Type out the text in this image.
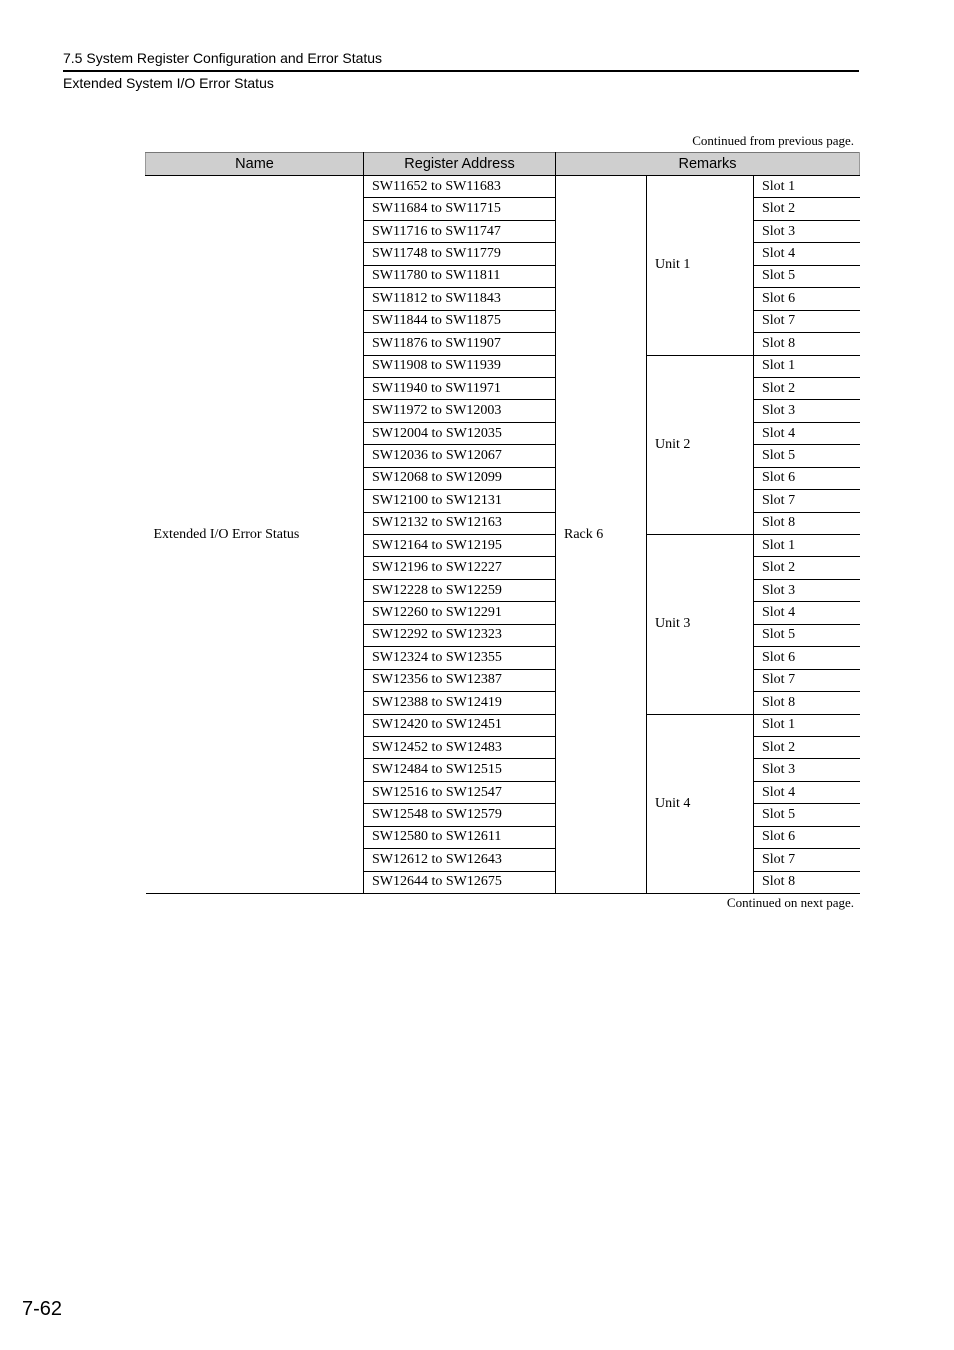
7.5 System Register Configuration and Error Status
Extended System I/O Error Status
Continued from previous page.
Name	Register Address	Remarks		
Extended I/O Error Status	SW11652 to SW11683	Rack 6	Unit 1	Slot 1
	SW11684 to SW11715			Slot 2
	SW11716 to SW11747			Slot 3
	SW11748 to SW11779			Slot 4
	SW11780 to SW11811			Slot 5
	SW11812 to SW11843			Slot 6
	SW11844 to SW11875			Slot 7
	SW11876 to SW11907			Slot 8
	SW11908 to SW11939		Unit 2	Slot 1
	SW11940 to SW11971			Slot 2
	SW11972 to SW12003			Slot 3
	SW12004 to SW12035			Slot 4
	SW12036 to SW12067			Slot 5
	SW12068 to SW12099			Slot 6
	SW12100 to SW12131			Slot 7
	SW12132 to SW12163			Slot 8
	SW12164 to SW12195		Unit 3	Slot 1
	SW12196 to SW12227			Slot 2
	SW12228 to SW12259			Slot 3
	SW12260 to SW12291			Slot 4
	SW12292 to SW12323			Slot 5
	SW12324 to SW12355			Slot 6
	SW12356 to SW12387			Slot 7
	SW12388 to SW12419			Slot 8
	SW12420 to SW12451		Unit 4	Slot 1
	SW12452 to SW12483			Slot 2
	SW12484 to SW12515			Slot 3
	SW12516 to SW12547			Slot 4
	SW12548 to SW12579			Slot 5
	SW12580 to SW12611			Slot 6
	SW12612 to SW12643			Slot 7
	SW12644 to SW12675			Slot 8
Continued on next page.
7-62
